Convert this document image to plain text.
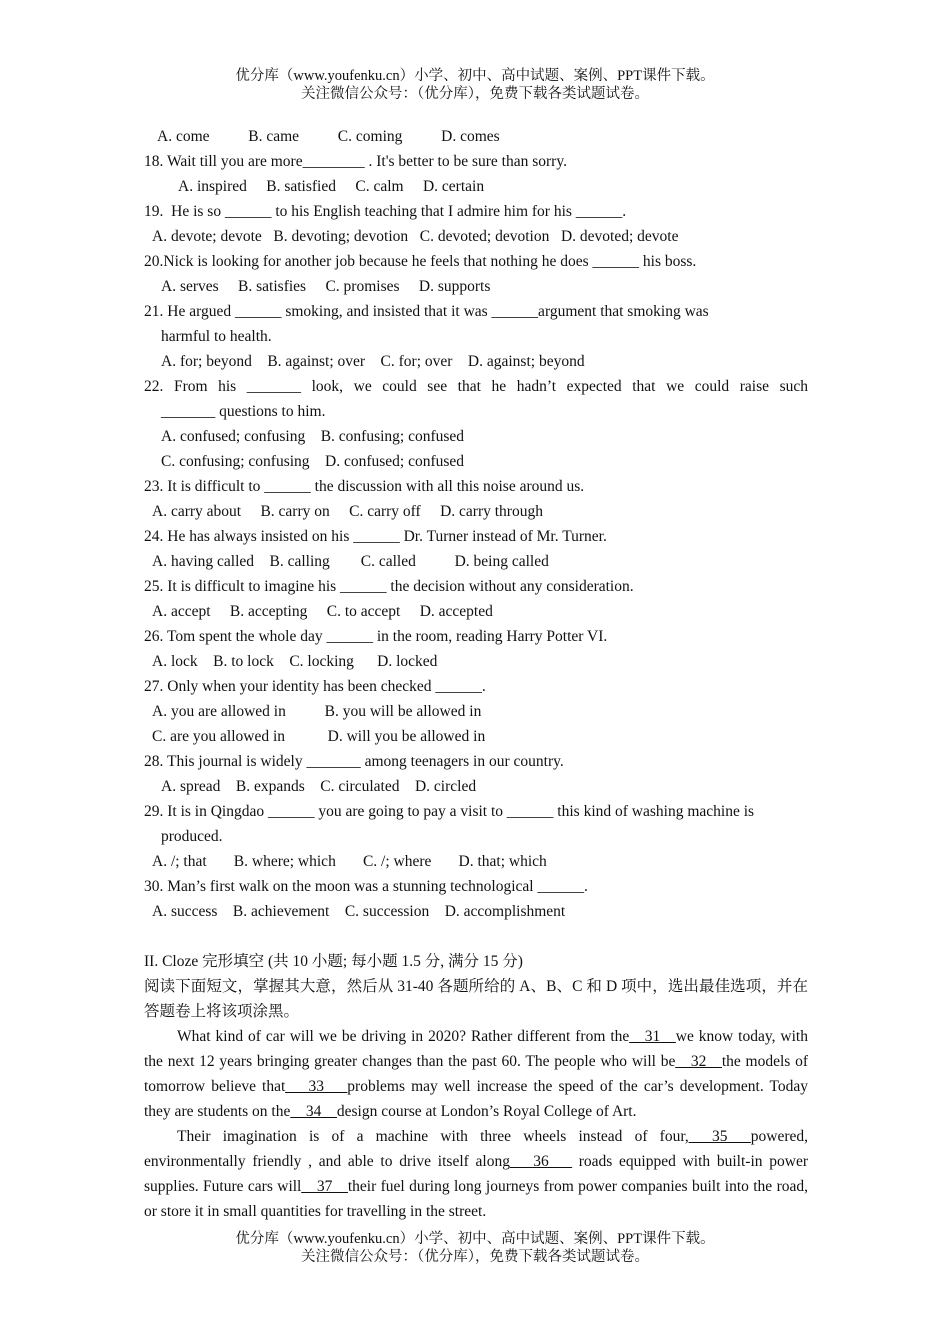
优分库（www.youfenku.cn）小学、初中、高中试题、案例、PPT课件下载。
关注微信公众号：（优分库），免费下载各类试题试卷。
A. come          B. came          C. coming          D. comes
18. Wait till you are more________ . It's better to be sure than sorry.
A. inspired     B. satisfied     C. calm     D. certain
19.  He is so ______ to his English teaching that I admire him for his ______.
A. devote; devote   B. devoting; devotion   C. devoted; devotion   D. devoted; devote
20.Nick is looking for another job because he feels that nothing he does ______ his boss.
A. serves     B. satisfies     C. promises     D. supports
21. He argued ______ smoking, and insisted that it was ______argument that smoking was
harmful to health.
A. for; beyond    B. against; over    C. for; over    D. against; beyond
22. From his _______ look, we could see that he hadn’t expected that we could raise such
_______ questions to him.
A. confused; confusing    B. confusing; confused
C. confusing; confusing    D. confused; confused
23. It is difficult to ______ the discussion with all this noise around us.
A. carry about     B. carry on     C. carry off     D. carry through
24. He has always insisted on his ______ Dr. Turner instead of Mr. Turner.
A. having called    B. calling        C. called          D. being called
25. It is difficult to imagine his ______ the decision without any consideration.
A. accept     B. accepting     C. to accept     D. accepted
26. Tom spent the whole day ______ in the room, reading Harry Potter VI.
A. lock    B. to lock    C. locking      D. locked
27. Only when your identity has been checked ______.
A. you are allowed in          B. you will be allowed in
C. are you allowed in           D. will you be allowed in
28. This journal is widely _______ among teenagers in our country.
A. spread    B. expands    C. circulated    D. circled
29. It is in Qingdao ______ you are going to pay a visit to ______ this kind of washing machine is
produced.
A. /; that       B. where; which       C. /; where       D. that; which
30. Man’s first walk on the moon was a stunning technological ______.
A. success    B. achievement    C. succession    D. accomplishment
II. Cloze 完形填空 (共 10 小题; 每小题 1.5 分, 满分 15 分)
阅读下面短文，掌握其大意，然后从 31-40 各题所给的 A、B、C 和 D 项中，选出最佳选项，并在答题卷上将该项涂黑。
What kind of car will we be driving in 2020? Rather different from the__31__we know today, with the next 12 years bringing greater changes than the past 60. The people who will be__32__the models of tomorrow believe that___33___problems may well increase the speed of the car’s development. Today they are students on the__34__design course at London’s Royal College of Art.
Their imagination is of a machine with three wheels instead of four,___35___powered, environmentally friendly , and able to drive itself along___36___ roads equipped with built-in power supplies. Future cars will__37__their fuel during long journeys from power companies built into the road, or store it in small quantities for travelling in the street.
优分库（www.youfenku.cn）小学、初中、高中试题、案例、PPT课件下载。
关注微信公众号：（优分库），免费下载各类试题试卷。
